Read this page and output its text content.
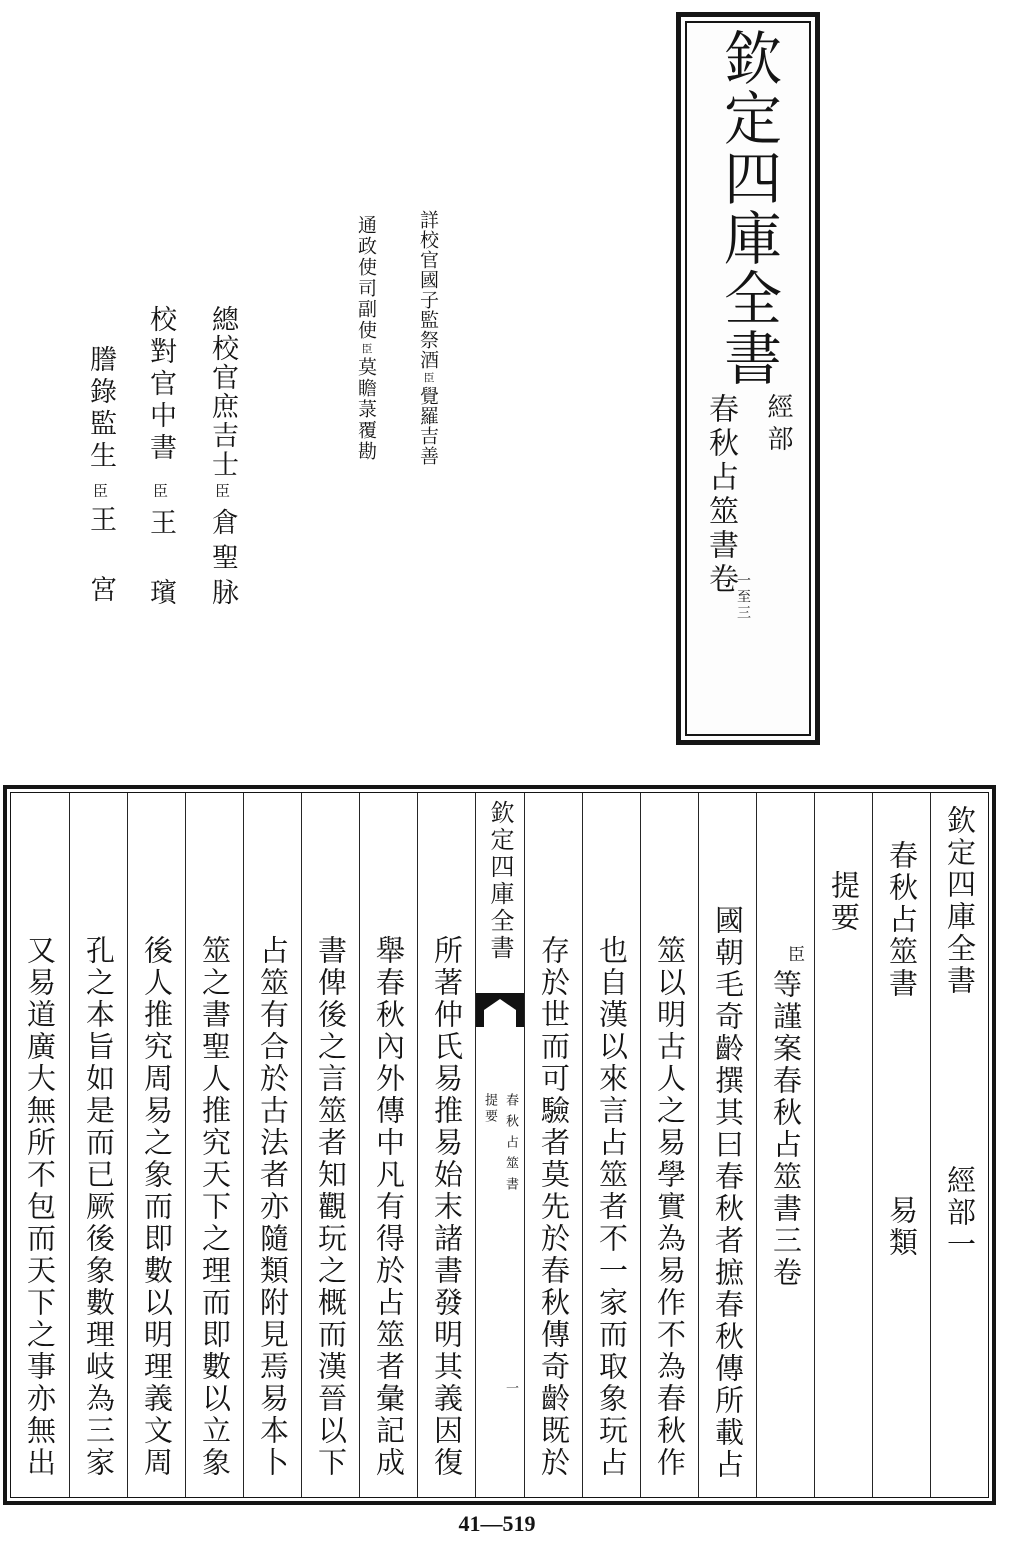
欽定四庫全書
經部
春秋占筮書卷
一至三
詳校官國子監祭酒
臣
覺羅吉善
通政使司副使
臣
莫瞻菉覆勘
總校官庶吉士
臣
倉聖脉
校對官中書
臣
王璸
謄錄監生
臣
王宮
欽定四庫全書
經部一
春秋占筮書
易類
提要
臣
等謹案春秋占筮書三卷
國朝毛奇齡撰其曰春秋者摭春秋傳所載占
筮以明古人之易學實為易作不為春秋作
也自漢以來言占筮者不一家而取象玩占
存於世而可驗者莫先於春秋傳奇齡既於
欽定四庫全書
春秋占筮書
提要
一
所著仲氏易推易始末諸書發明其義因復
舉春秋內外傳中凡有得於占筮者彙記成
書俾後之言筮者知觀玩之概而漢晉以下
占筮有合於古法者亦隨類附見焉易本卜
筮之書聖人推究天下之理而即數以立象
後人推究周易之象而即數以明理義文周
孔之本旨如是而已厥後象數理岐為三家
又易道廣大無所不包而天下之事亦無出
41—519
